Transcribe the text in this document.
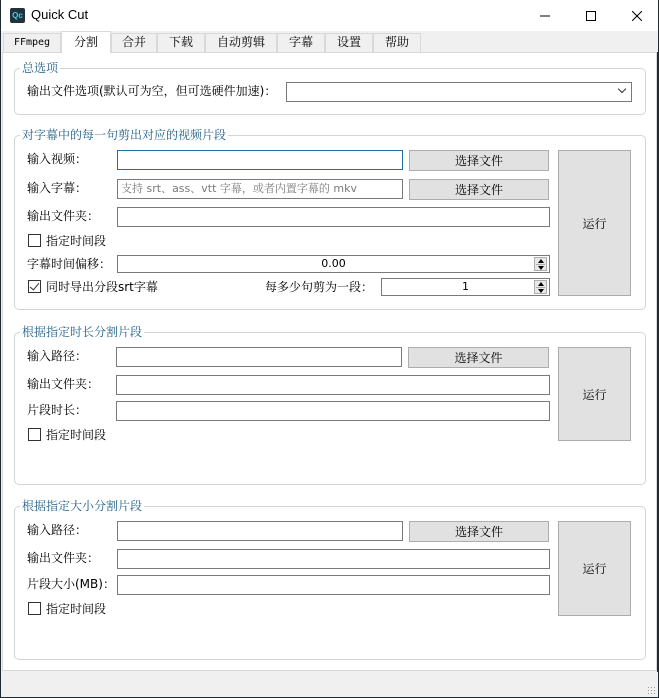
Qc Quick Cut
FFmpeg	分割	合并	下载	自动剪辑	字幕	设置	帮助
总选项
输出文件选项(默认可为空，但可选硬件加速)：
对字幕中的每一句剪出对应的视频片段
输入视频：	选择文件
输入字幕：	支持 srt、ass、vtt 字幕，或者内置字幕的 mkv	选择文件
输出文件夹：
指定时间段
字幕时间偏移：	0.00
同时导出分段srt字幕	每多少句剪为一段：	1
运行
根据指定时长分割片段
输入路径：	选择文件
输出文件夹：
片段时长：
指定时间段
运行
根据指定大小分割片段
输入路径：	选择文件
输出文件夹：
片段大小(MB)：
指定时间段
运行
